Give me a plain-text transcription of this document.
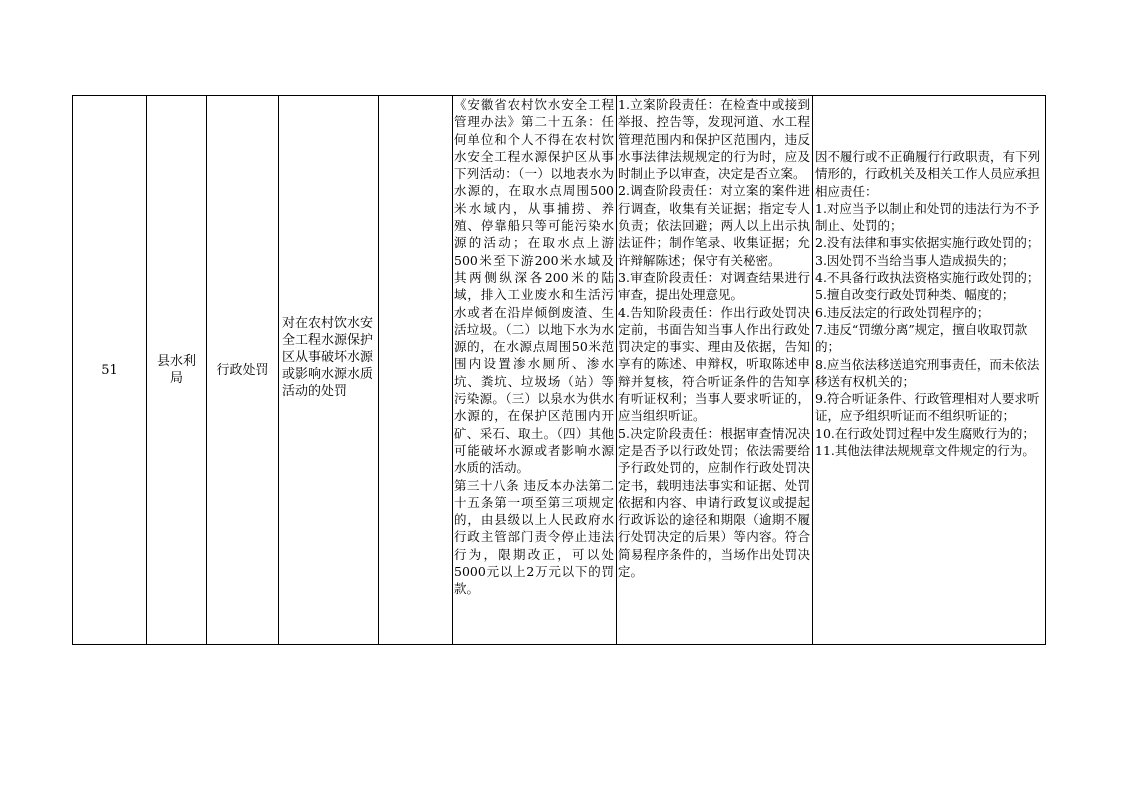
51
县水利局
行政处罚
对在农村饮水安全工程水源保护区从事破坏水源或影响水源水质活动的处罚

《安徽省农村饮水安全工程管理办法》第二十五条：任何单位和个人不得在农村饮水安全工程水源保护区从事下列活动：（一）以地表水为水源的，在取水点周围500米水域内，从事捕捞、养殖、停靠船只等可能污染水源的活动；在取水点上游500米至下游200米水域及其两侧纵深各200米的陆域，排入工业废水和生活污水或者在沿岸倾倒废渣、生活垃圾。（二）以地下水为水源的，在水源点周围50米范围内设置渗水厕所、渗水坑、粪坑、垃圾场（站）等污染源。（三）以泉水为供水水源的，在保护区范围内开矿、采石、取土。（四）其他可能破坏水源或者影响水源水质的活动。

第三十八条 违反本办法第二十五条第一项至第三项规定的，由县级以上人民政府水行政主管部门责令停止违法行为，限期改正，可以处5000元以上2万元以下的罚款。

1.立案阶段责任：在检查中或接到举报、控告等，发现河道、水工程管理范围内和保护区范围内，违反水事法律法规规定的行为时，应及时制止予以审查，决定是否立案。

2.调查阶段责任：对立案的案件进行调查，收集有关证据；指定专人负责；依法回避；两人以上出示执法证件；制作笔录、收集证据；允许辩解陈述；保守有关秘密。

3.审查阶段责任：对调查结果进行审查，提出处理意见。

4.告知阶段责任：作出行政处罚决定前，书面告知当事人作出行政处罚决定的事实、理由及依据，告知享有的陈述、申辩权，听取陈述申辩并复核，符合听证条件的告知享有听证权利；当事人要求听证的，应当组织听证。

5.决定阶段责任：根据审查情况决定是否予以行政处罚；依法需要给予行政处罚的，应制作行政处罚决定书，载明违法事实和证据、处罚依据和内容、申请行政复议或提起行政诉讼的途径和期限（逾期不履行处罚决定的后果）等内容。符合简易程序条件的，当场作出处罚决定。

因不履行或不正确履行行政职责，有下列情形的，行政机关及相关工作人员应承担相应责任：

1.对应当予以制止和处罚的违法行为不予制止、处罚的；

2.没有法律和事实依据实施行政处罚的；

3.因处罚不当给当事人造成损失的；

4.不具备行政执法资格实施行政处罚的；

5.擅自改变行政处罚种类、幅度的；

6.违反法定的行政处罚程序的；

7.违反“罚缴分离”规定，擅自收取罚款的；

8.应当依法移送追究刑事责任，而未依法移送有权机关的；

9.符合听证条件、行政管理相对人要求听证，应予组织听证而不组织听证的；

10.在行政处罚过程中发生腐败行为的；

11.其他法律法规规章文件规定的行为。
